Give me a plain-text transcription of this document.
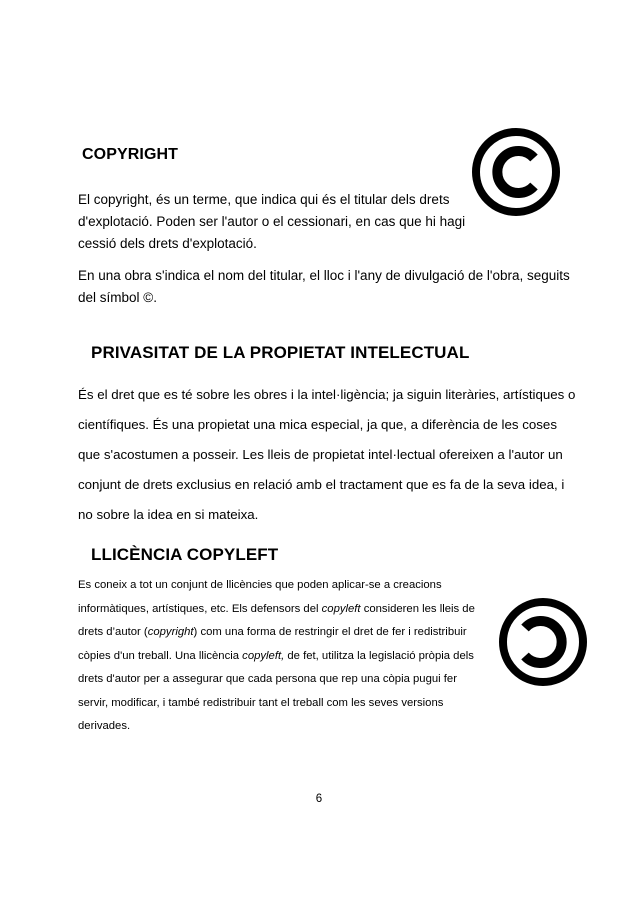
COPYRIGHT

El copyright, és un terme, que indica qui és el titular dels drets
d'explotació. Poden ser l'autor o el cessionari, en cas que hi hagi
cessió dels drets d'explotació.

En una obra s'indica el nom del titular, el lloc i l'any de divulgació de l'obra, seguits
del símbol ©.

PRIVASITAT DE LA PROPIETAT INTELECTUAL

És el dret que es té sobre les obres i la intel·ligència; ja siguin literàries, artístiques o
científiques. És una propietat una mica especial, ja que, a diferència de les coses
que s'acostumen a posseir. Les lleis de propietat intel·lectual ofereixen a l'autor un
conjunt de drets exclusius en relació amb el tractament que es fa de la seva idea, i
no sobre la idea en si mateixa.

LLICÈNCIA COPYLEFT

Es coneix a tot un conjunt de llicències que poden aplicar-se a creacions
informàtiques, artístiques, etc. Els defensors del copyleft consideren les lleis de
drets d’autor (copyright) com una forma de restringir el dret de fer i redistribuir
còpies d'un treball. Una llicència copyleft, de fet, utilitza la legislació pròpia dels
drets d'autor per a assegurar que cada persona que rep una còpia pugui fer
servir, modificar, i també redistribuir tant el treball com les seves versions
derivades.

6
